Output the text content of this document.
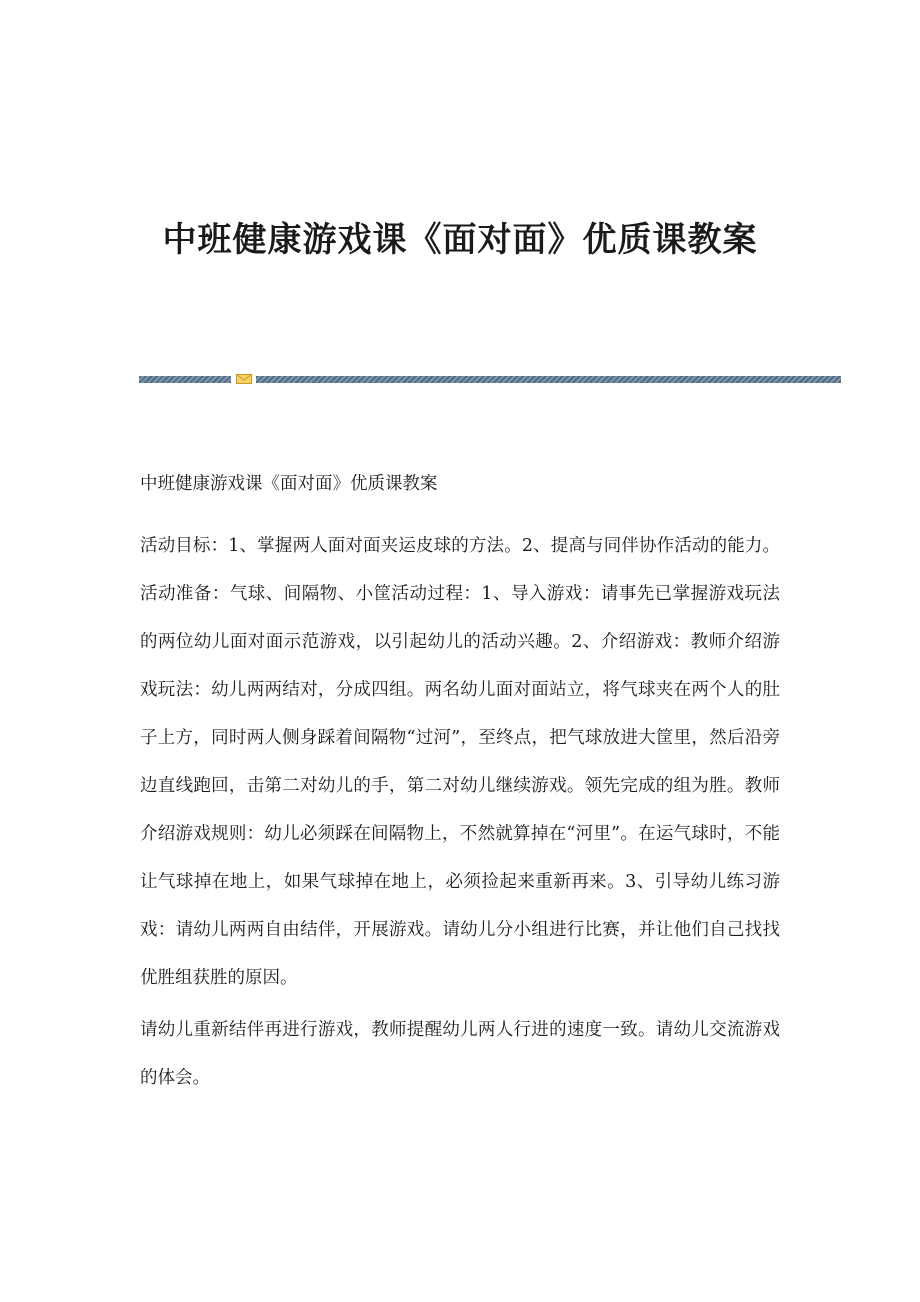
中班健康游戏课《面对面》优质课教案

中班健康游戏课《面对面》优质课教案

活动目标：1、掌握两人面对面夹运皮球的方法。2、提高与同伴协作活动的能力。活动准备：气球、间隔物、小筐活动过程：1、导入游戏：请事先已掌握游戏玩法的两位幼儿面对面示范游戏，以引起幼儿的活动兴趣。2、介绍游戏：教师介绍游戏玩法：幼儿两两结对，分成四组。两名幼儿面对面站立，将气球夹在两个人的肚子上方，同时两人侧身踩着间隔物“过河”，至终点，把气球放进大筐里，然后沿旁边直线跑回，击第二对幼儿的手，第二对幼儿继续游戏。领先完成的组为胜。教师介绍游戏规则：幼儿必须踩在间隔物上，不然就算掉在“河里”。在运气球时，不能让气球掉在地上，如果气球掉在地上，必须捡起来重新再来。3、引导幼儿练习游戏：请幼儿两两自由结伴，开展游戏。请幼儿分小组进行比赛，并让他们自己找找优胜组获胜的原因。

请幼儿重新结伴再进行游戏，教师提醒幼儿两人行进的速度一致。请幼儿交流游戏的体会。
